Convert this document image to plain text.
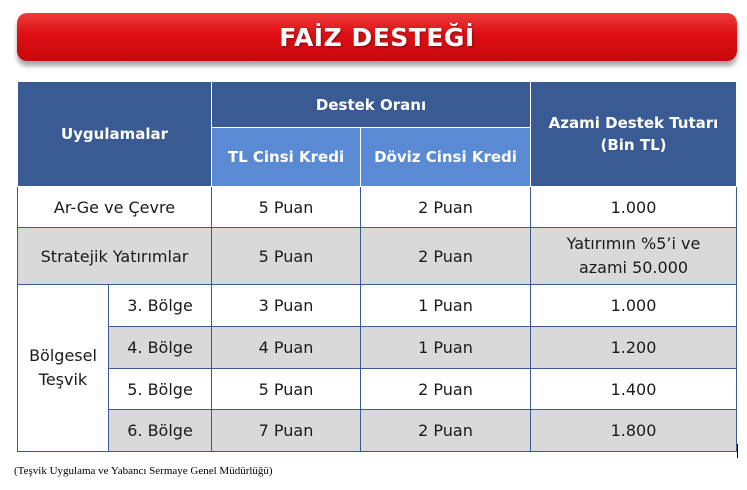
FAİZ DESTEĞİ
Uygulamalar		Destek Oranı		Azami Destek Tutarı
(Bin TL)

		TL Cinsi Kredi	Döviz Cinsi Kredi	
Ar-Ge ve Çevre		5 Puan	2 Puan	1.000
Stratejik Yatırımlar		5 Puan	2 Puan	Yatırımın %5’i ve
azami 50.000

Bölgesel
Teşvik	3. Bölge	3 Puan	1 Puan	1.000
	4. Bölge	4 Puan	1 Puan	1.200
	5. Bölge	5 Puan	2 Puan	1.400
	6. Bölge	7 Puan	2 Puan	1.800
(Teşvik Uygulama ve Yabancı Sermaye Genel Müdürlüğü)
